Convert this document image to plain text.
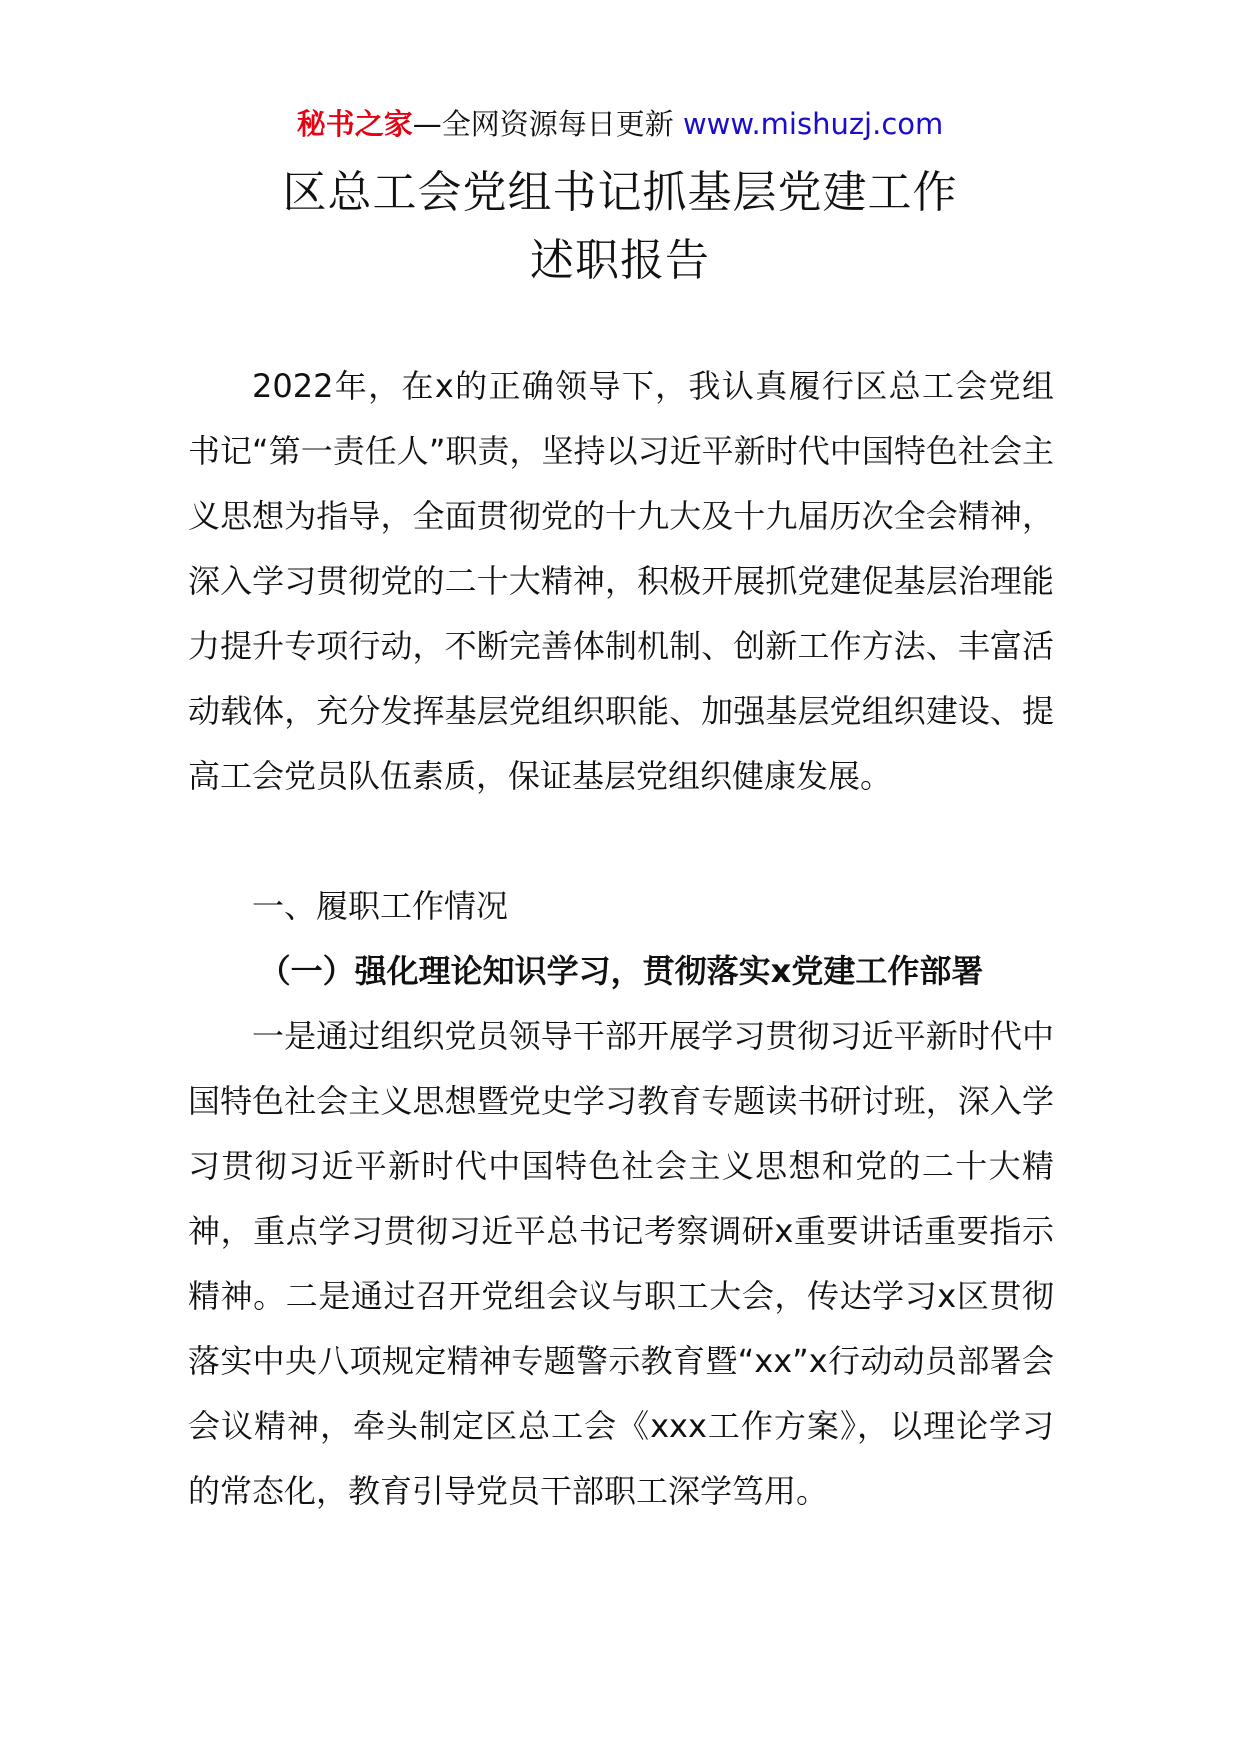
秘书之家—全网资源每日更新 www.mishuzj.com
区总工会党组书记抓基层党建工作
述职报告

2022年，在x的正确领导下，我认真履行区总工会党组书记“第一责任人”职责，坚持以习近平新时代中国特色社会主义思想为指导，全面贯彻党的十九大及十九届历次全会精神，深入学习贯彻党的二十大精神，积极开展抓党建促基层治理能力提升专项行动，不断完善体制机制、创新工作方法、丰富活动载体，充分发挥基层党组织职能、加强基层党组织建设、提高工会党员队伍素质，保证基层党组织健康发展。

一、履职工作情况

（一）强化理论知识学习，贯彻落实x党建工作部署

一是通过组织党员领导干部开展学习贯彻习近平新时代中国特色社会主义思想暨党史学习教育专题读书研讨班，深入学习贯彻习近平新时代中国特色社会主义思想和党的二十大精神，重点学习贯彻习近平总书记考察调研x重要讲话重要指示精神。二是通过召开党组会议与职工大会，传达学习x区贯彻落实中央八项规定精神专题警示教育暨“xx”x行动动员部署会会议精神，牵头制定区总工会《xxx工作方案》，以理论学习的常态化，教育引导党员干部职工深学笃用。
